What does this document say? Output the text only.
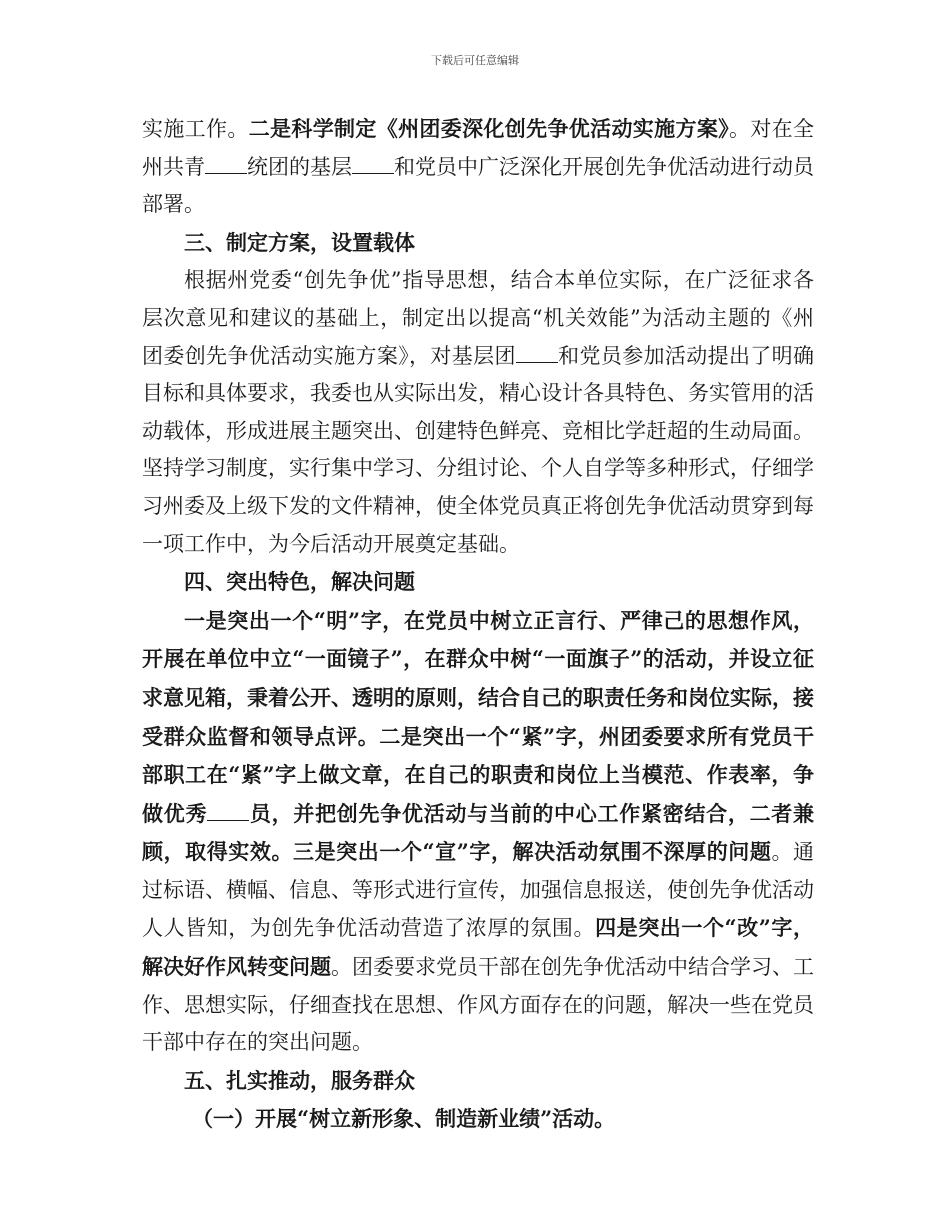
下载后可任意编辑

实施工作。二是科学制定《州团委深化创先争优活动实施方案》。对在全州共青 统团的基层 和党员中广泛深化开展创先争优活动进行动员部署。

三、制定方案，设置载体

根据州党委“创先争优”指导思想，结合本单位实际，在广泛征求各层次意见和建议的基础上，制定出以提高“机关效能”为活动主题的《州团委创先争优活动实施方案》，对基层团 和党员参加活动提出了明确目标和具体要求，我委也从实际出发，精心设计各具特色、务实管用的活动载体，形成进展主题突出、创建特色鲜亮、竞相比学赶超的生动局面。坚持学习制度，实行集中学习、分组讨论、个人自学等多种形式，仔细学习州委及上级下发的文件精神，使全体党员真正将创先争优活动贯穿到每一项工作中，为今后活动开展奠定基础。

四、突出特色，解决问题

一是突出一个“明”字，在党员中树立正言行、严律己的思想作风，开展在单位中立“一面镜子”，在群众中树“一面旗子”的活动，并设立征求意见箱，秉着公开、透明的原则，结合自己的职责任务和岗位实际，接受群众监督和领导点评。二是突出一个“紧”字，州团委要求所有党员干部职工在“紧”字上做文章，在自己的职责和岗位上当模范、作表率，争做优秀 员，并把创先争优活动与当前的中心工作紧密结合，二者兼顾，取得实效。三是突出一个“宣”字，解决活动氛围不深厚的问题。通过标语、横幅、信息、等形式进行宣传，加强信息报送，使创先争优活动人人皆知，为创先争优活动营造了浓厚的氛围。四是突出一个“改”字，解决好作风转变问题。团委要求党员干部在创先争优活动中结合学习、工作、思想实际，仔细查找在思想、作风方面存在的问题，解决一些在党员干部中存在的突出问题。

五、扎实推动，服务群众

（一）开展“树立新形象、制造新业绩”活动。
